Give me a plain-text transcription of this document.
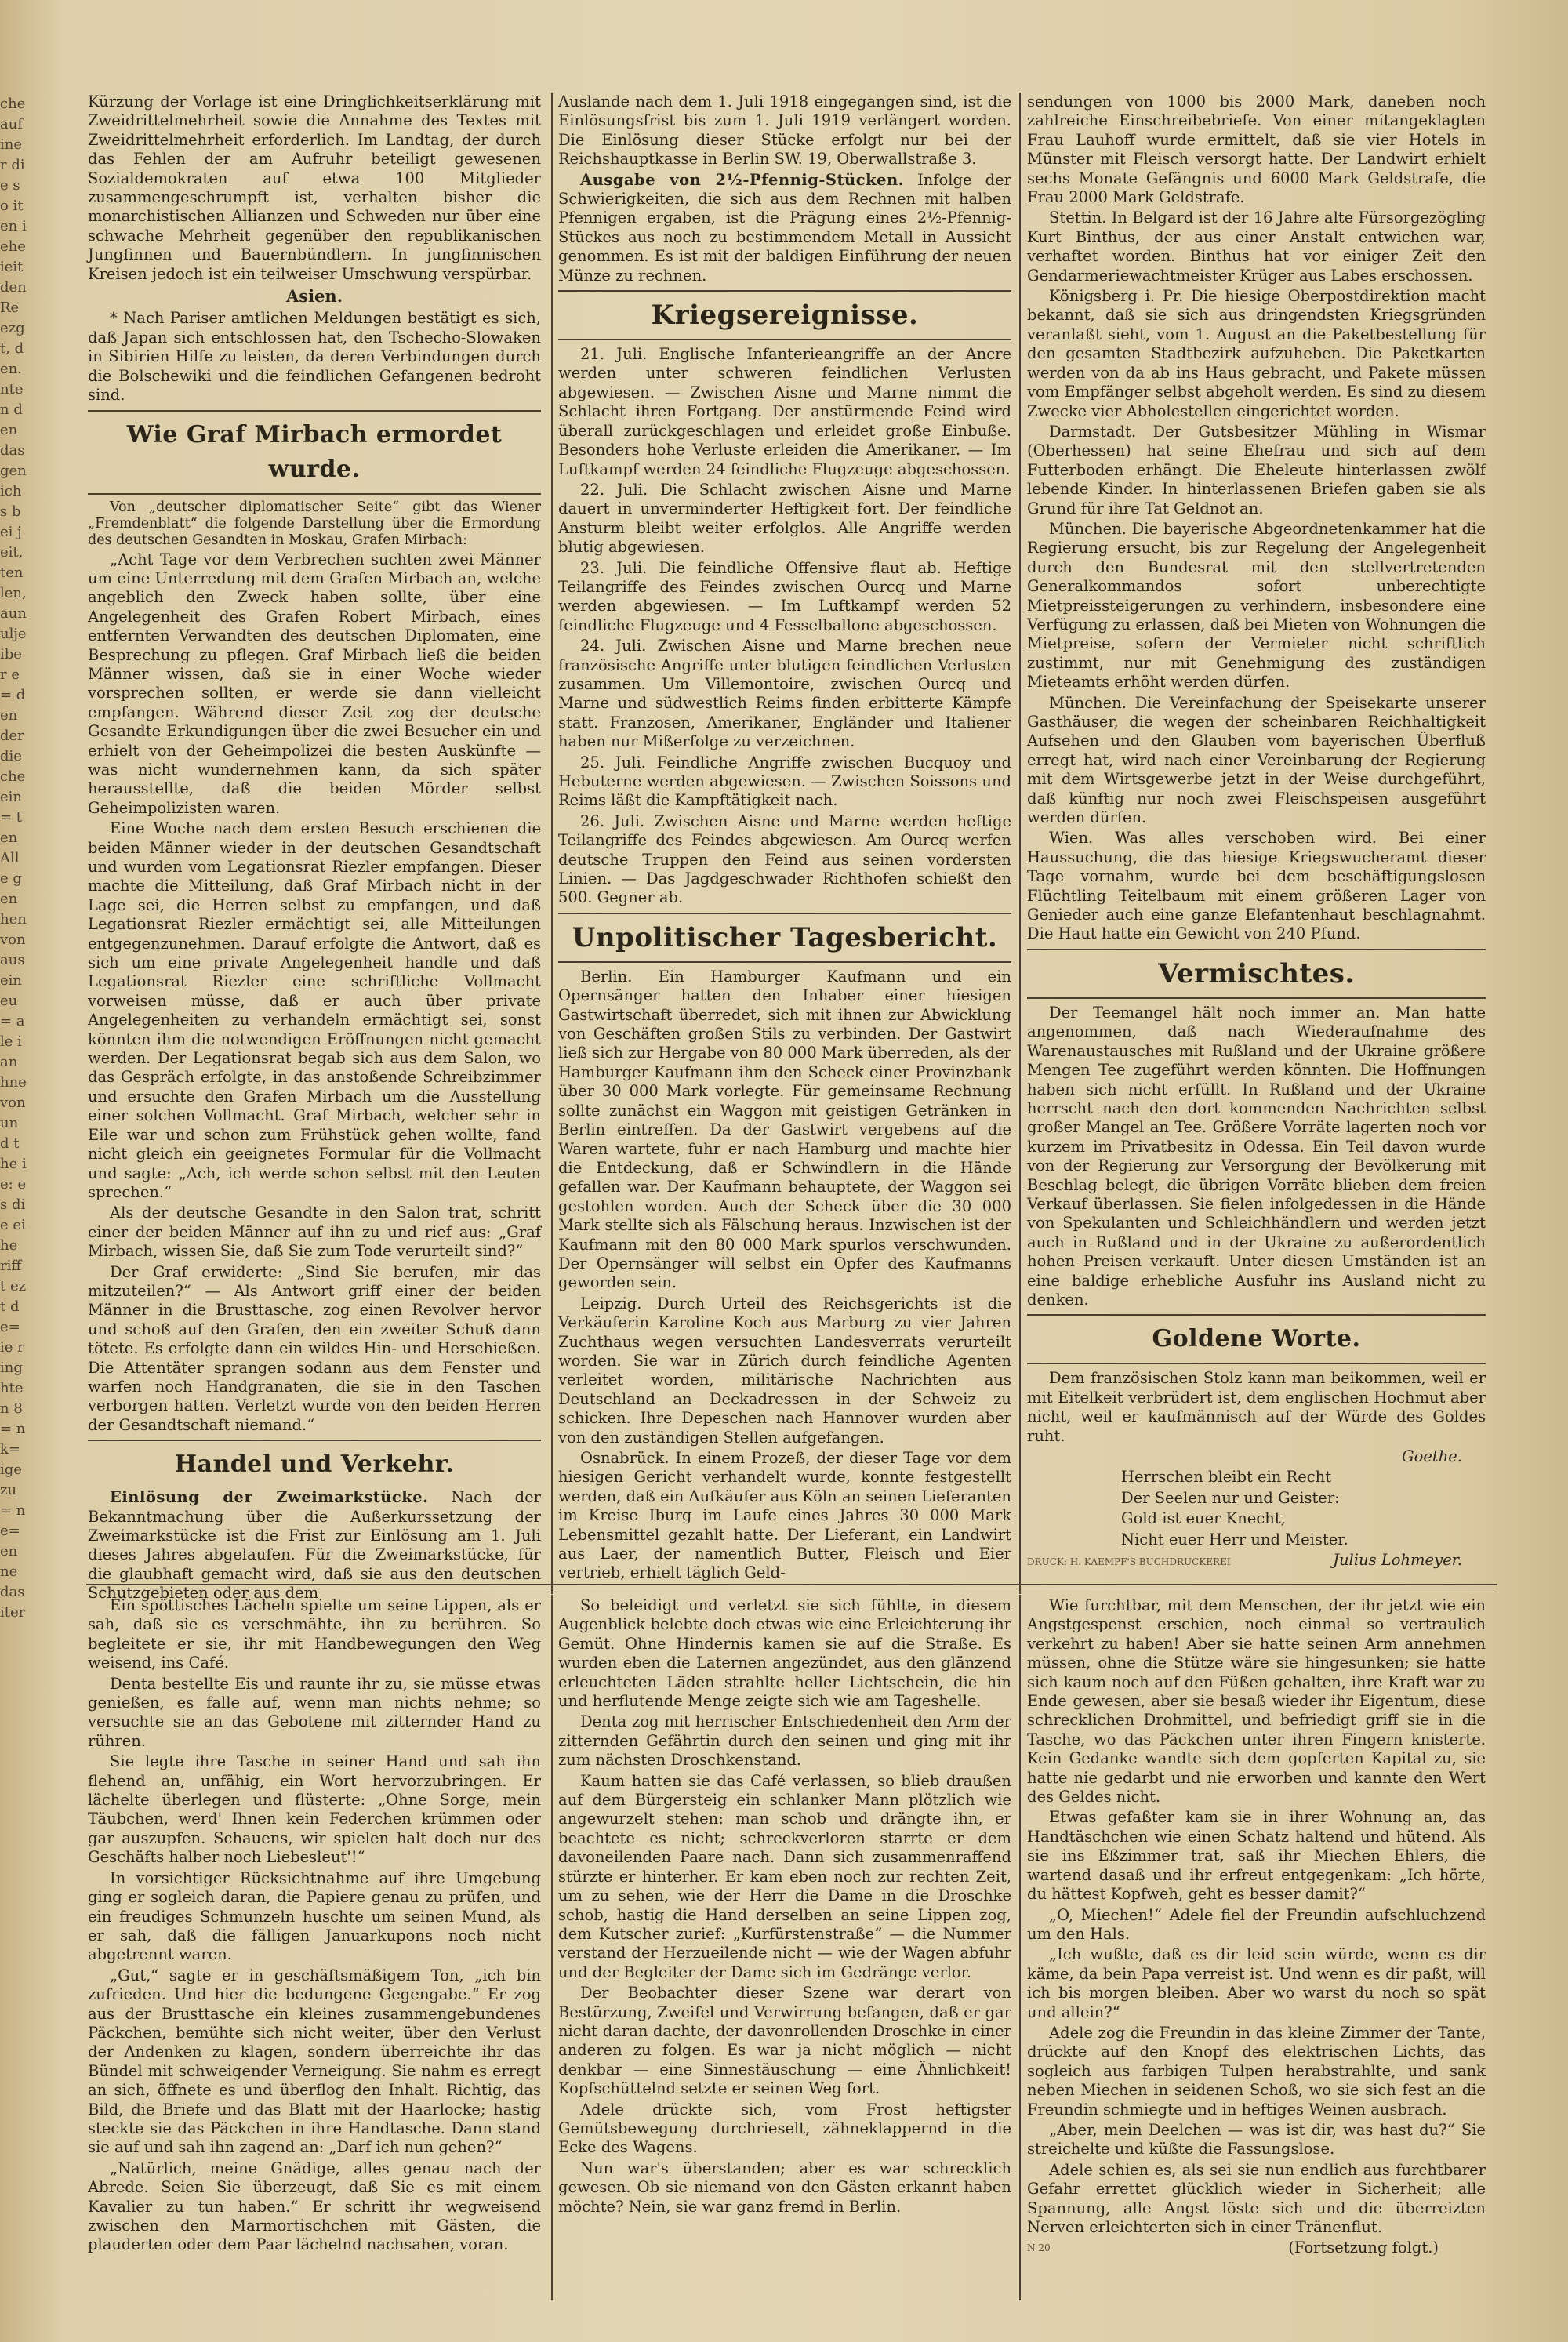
che auf iner die so iten iehe ieit den Re ezgt, den. nten den das gen ichs bei jeit, ten len, aun ulje iber e= den der die che ein= ten Alle gen hen von aus ein eu= ale ian hne von und the ie: e s die eihe rifft ezt de= ie ring hten 8 = nk= ige zu= ne= en ne das iter

Kürzung der Vorlage ist eine Dringlichkeitserklärung mit Zweidrittelmehrheit sowie die Annahme des Textes mit Zweidrittelmehrheit erforderlich. Im Landtag, der durch das Fehlen der am Aufruhr beteiligt gewesenen Sozialdemokraten auf etwa 100 Mitglieder zusammengeschrumpft ist, verhalten bisher die monarchistischen Allianzen und Schweden nur über eine schwache Mehrheit gegenüber den republikanischen Jungfinnen und Bauernbündlern. In jungfinnischen Kreisen jedoch ist ein teilweiser Umschwung verspürbar.

Asien.

* Nach Pariser amtlichen Meldungen bestätigt es sich, daß Japan sich entschlossen hat, den Tschecho-Slowaken in Sibirien Hilfe zu leisten, da deren Verbindungen durch die Bolschewiki und die feindlichen Gefangenen bedroht sind.

Wie Graf Mirbach ermordet wurde.

Von „deutscher diplomatischer Seite“ gibt das Wiener „Fremdenblatt“ die folgende Darstellung über die Ermordung des deutschen Gesandten in Moskau, Grafen Mirbach:

„Acht Tage vor dem Verbrechen suchten zwei Männer um eine Unterredung mit dem Grafen Mirbach an, welche angeblich den Zweck haben sollte, über eine Angelegenheit des Grafen Robert Mirbach, eines entfernten Verwandten des deutschen Diplomaten, eine Besprechung zu pflegen. Graf Mirbach ließ die beiden Männer wissen, daß sie in einer Woche wieder vorsprechen sollten, er werde sie dann vielleicht empfangen. Während dieser Zeit zog der deutsche Gesandte Erkundigungen über die zwei Besucher ein und erhielt von der Geheimpolizei die besten Auskünfte — was nicht wundernehmen kann, da sich später herausstellte, daß die beiden Mörder selbst Geheimpolizisten waren.

Eine Woche nach dem ersten Besuch erschienen die beiden Männer wieder in der deutschen Gesandtschaft und wurden vom Legationsrat Riezler empfangen. Dieser machte die Mitteilung, daß Graf Mirbach nicht in der Lage sei, die Herren selbst zu empfangen, und daß Legationsrat Riezler ermächtigt sei, alle Mitteilungen entgegenzunehmen. Darauf erfolgte die Antwort, daß es sich um eine private Angelegenheit handle und daß Legationsrat Riezler eine schriftliche Vollmacht vorweisen müsse, daß er auch über private Angelegenheiten zu verhandeln ermächtigt sei, sonst könnten ihm die notwendigen Eröffnungen nicht gemacht werden. Der Legationsrat begab sich aus dem Salon, wo das Gespräch erfolgte, in das anstoßende Schreibzimmer und ersuchte den Grafen Mirbach um die Ausstellung einer solchen Vollmacht. Graf Mirbach, welcher sehr in Eile war und schon zum Frühstück gehen wollte, fand nicht gleich ein geeignetes Formular für die Vollmacht und sagte: „Ach, ich werde schon selbst mit den Leuten sprechen.“

Als der deutsche Gesandte in den Salon trat, schritt einer der beiden Männer auf ihn zu und rief aus: „Graf Mirbach, wissen Sie, daß Sie zum Tode verurteilt sind?“

Der Graf erwiderte: „Sind Sie berufen, mir das mitzuteilen?“ — Als Antwort griff einer der beiden Männer in die Brusttasche, zog einen Revolver hervor und schoß auf den Grafen, den ein zweiter Schuß dann tötete. Es erfolgte dann ein wildes Hin- und Herschießen. Die Attentäter sprangen sodann aus dem Fenster und warfen noch Handgranaten, die sie in den Taschen verborgen hatten. Verletzt wurde von den beiden Herren der Gesandtschaft niemand.“

Handel und Verkehr.

Einlösung der Zweimarkstücke. Nach der Bekanntmachung über die Außerkurssetzung der Zweimarkstücke ist die Frist zur Einlösung am 1. Juli dieses Jahres abgelaufen. Für die Zweimarkstücke, für die glaubhaft gemacht wird, daß sie aus den deutschen Schutzgebieten oder aus dem

Auslande nach dem 1. Juli 1918 eingegangen sind, ist die Einlösungsfrist bis zum 1. Juli 1919 verlängert worden. Die Einlösung dieser Stücke erfolgt nur bei der Reichshauptkasse in Berlin SW. 19, Oberwallstraße 3.

Ausgabe von 2½-Pfennig-Stücken. Infolge der Schwierigkeiten, die sich aus dem Rechnen mit halben Pfennigen ergaben, ist die Prägung eines 2½-Pfennig-Stückes aus noch zu bestimmendem Metall in Aussicht genommen. Es ist mit der baldigen Einführung der neuen Münze zu rechnen.

Kriegsereignisse.

21. Juli. Englische Infanterieangriffe an der Ancre werden unter schweren feindlichen Verlusten abgewiesen. — Zwischen Aisne und Marne nimmt die Schlacht ihren Fortgang. Der anstürmende Feind wird überall zurückgeschlagen und erleidet große Einbuße. Besonders hohe Verluste erleiden die Amerikaner. — Im Luftkampf werden 24 feindliche Flugzeuge abgeschossen.

22. Juli. Die Schlacht zwischen Aisne und Marne dauert in unverminderter Heftigkeit fort. Der feindliche Ansturm bleibt weiter erfolglos. Alle Angriffe werden blutig abgewiesen.

23. Juli. Die feindliche Offensive flaut ab. Heftige Teilangriffe des Feindes zwischen Ourcq und Marne werden abgewiesen. — Im Luftkampf werden 52 feindliche Flugzeuge und 4 Fesselballone abgeschossen.

24. Juli. Zwischen Aisne und Marne brechen neue französische Angriffe unter blutigen feindlichen Verlusten zusammen. Um Villemontoire, zwischen Ourcq und Marne und südwestlich Reims finden erbitterte Kämpfe statt. Franzosen, Amerikaner, Engländer und Italiener haben nur Mißerfolge zu verzeichnen.

25. Juli. Feindliche Angriffe zwischen Bucquoy und Hebuterne werden abgewiesen. — Zwischen Soissons und Reims läßt die Kampftätigkeit nach.

26. Juli. Zwischen Aisne und Marne werden heftige Teilangriffe des Feindes abgewiesen. Am Ourcq werfen deutsche Truppen den Feind aus seinen vordersten Linien. — Das Jagdgeschwader Richthofen schießt den 500. Gegner ab.

Unpolitischer Tagesbericht.

Berlin. Ein Hamburger Kaufmann und ein Opernsänger hatten den Inhaber einer hiesigen Gastwirtschaft überredet, sich mit ihnen zur Abwicklung von Geschäften großen Stils zu verbinden. Der Gastwirt ließ sich zur Hergabe von 80 000 Mark überreden, als der Hamburger Kaufmann ihm den Scheck einer Provinzbank über 30 000 Mark vorlegte. Für gemeinsame Rechnung sollte zunächst ein Waggon mit geistigen Getränken in Berlin eintreffen. Da der Gastwirt vergebens auf die Waren wartete, fuhr er nach Hamburg und machte hier die Entdeckung, daß er Schwindlern in die Hände gefallen war. Der Kaufmann behauptete, der Waggon sei gestohlen worden. Auch der Scheck über die 30 000 Mark stellte sich als Fälschung heraus. Inzwischen ist der Kaufmann mit den 80 000 Mark spurlos verschwunden. Der Opernsänger will selbst ein Opfer des Kaufmanns geworden sein.

Leipzig. Durch Urteil des Reichsgerichts ist die Verkäuferin Karoline Koch aus Marburg zu vier Jahren Zuchthaus wegen versuchten Landesverrats verurteilt worden. Sie war in Zürich durch feindliche Agenten verleitet worden, militärische Nachrichten aus Deutschland an Deckadressen in der Schweiz zu schicken. Ihre Depeschen nach Hannover wurden aber von den zuständigen Stellen aufgefangen.

Osnabrück. In einem Prozeß, der dieser Tage vor dem hiesigen Gericht verhandelt wurde, konnte festgestellt werden, daß ein Aufkäufer aus Köln an seinen Lieferanten im Kreise Iburg im Laufe eines Jahres 30 000 Mark Lebensmittel gezahlt hatte. Der Lieferant, ein Landwirt aus Laer, der namentlich Butter, Fleisch und Eier vertrieb, erhielt täglich Geld-

sendungen von 1000 bis 2000 Mark, daneben noch zahlreiche Einschreibebriefe. Von einer mitangeklagten Frau Lauhoff wurde ermittelt, daß sie vier Hotels in Münster mit Fleisch versorgt hatte. Der Landwirt erhielt sechs Monate Gefängnis und 6000 Mark Geldstrafe, die Frau 2000 Mark Geldstrafe.

Stettin. In Belgard ist der 16 Jahre alte Fürsorgezögling Kurt Binthus, der aus einer Anstalt entwichen war, verhaftet worden. Binthus hat vor einiger Zeit den Gendarmeriewachtmeister Krüger aus Labes erschossen.

Königsberg i. Pr. Die hiesige Oberpostdirektion macht bekannt, daß sie sich aus dringendsten Kriegsgründen veranlaßt sieht, vom 1. August an die Paketbestellung für den gesamten Stadtbezirk aufzuheben. Die Paketkarten werden von da ab ins Haus gebracht, und Pakete müssen vom Empfänger selbst abgeholt werden. Es sind zu diesem Zwecke vier Abholestellen eingerichtet worden.

Darmstadt. Der Gutsbesitzer Mühling in Wismar (Oberhessen) hat seine Ehefrau und sich auf dem Futterboden erhängt. Die Eheleute hinterlassen zwölf lebende Kinder. In hinterlassenen Briefen gaben sie als Grund für ihre Tat Geldnot an.

München. Die bayerische Abgeordnetenkammer hat die Regierung ersucht, bis zur Regelung der Angelegenheit durch den Bundesrat mit den stellvertretenden Generalkommandos sofort unberechtigte Mietpreissteigerungen zu verhindern, insbesondere eine Verfügung zu erlassen, daß bei Mieten von Wohnungen die Mietpreise, sofern der Vermieter nicht schriftlich zustimmt, nur mit Genehmigung des zuständigen Mieteamts erhöht werden dürfen.

München. Die Vereinfachung der Speisekarte unserer Gasthäuser, die wegen der scheinbaren Reichhaltigkeit Aufsehen und den Glauben vom bayerischen Überfluß erregt hat, wird nach einer Vereinbarung der Regierung mit dem Wirtsgewerbe jetzt in der Weise durchgeführt, daß künftig nur noch zwei Fleischspeisen ausgeführt werden dürfen.

Wien. Was alles verschoben wird. Bei einer Haussuchung, die das hiesige Kriegswucheramt dieser Tage vornahm, wurde bei dem beschäftigungslosen Flüchtling Teitelbaum mit einem größeren Lager von Genieder auch eine ganze Elefantenhaut beschlagnahmt. Die Haut hatte ein Gewicht von 240 Pfund.

Vermischtes.

Der Teemangel hält noch immer an. Man hatte angenommen, daß nach Wiederaufnahme des Warenaustausches mit Rußland und der Ukraine größere Mengen Tee zugeführt werden könnten. Die Hoffnungen haben sich nicht erfüllt. In Rußland und der Ukraine herrscht nach den dort kommenden Nachrichten selbst großer Mangel an Tee. Größere Vorräte lagerten noch vor kurzem im Privatbesitz in Odessa. Ein Teil davon wurde von der Regierung zur Versorgung der Bevölkerung mit Beschlag belegt, die übrigen Vorräte blieben dem freien Verkauf überlassen. Sie fielen infolgedessen in die Hände von Spekulanten und Schleichhändlern und werden jetzt auch in Rußland und in der Ukraine zu außerordentlich hohen Preisen verkauft. Unter diesen Umständen ist an eine baldige erhebliche Ausfuhr ins Ausland nicht zu denken.

Goldene Worte.

Dem französischen Stolz kann man beikommen, weil er mit Eitelkeit verbrüdert ist, dem englischen Hochmut aber nicht, weil er kaufmännisch auf der Würde des Goldes ruht.

Goethe.

Herrschen bleibt ein Recht

Der Seelen nur und Geister:

Gold ist euer Knecht,

Nicht euer Herr und Meister.

DRUCK: H. KAEMPF'S BUCHDRUCKEREI	Julius Lohmeyer.

Ein spöttisches Lächeln spielte um seine Lippen, als er sah, daß sie es verschmähte, ihn zu berühren. So begleitete er sie, ihr mit Handbewegungen den Weg weisend, ins Café.

Denta bestellte Eis und raunte ihr zu, sie müsse etwas genießen, es falle auf, wenn man nichts nehme; so versuchte sie an das Gebotene mit zitternder Hand zu rühren.

Sie legte ihre Tasche in seiner Hand und sah ihn flehend an, unfähig, ein Wort hervorzubringen. Er lächelte überlegen und flüsterte: „Ohne Sorge, mein Täubchen, werd' Ihnen kein Federchen krümmen oder gar auszupfen. Schauens, wir spielen halt doch nur des Geschäfts halber noch Liebesleut'!“

In vorsichtiger Rücksichtnahme auf ihre Umgebung ging er sogleich daran, die Papiere genau zu prüfen, und ein freudiges Schmunzeln huschte um seinen Mund, als er sah, daß die fälligen Januarkupons noch nicht abgetrennt waren.

„Gut,“ sagte er in geschäftsmäßigem Ton, „ich bin zufrieden. Und hier die bedungene Gegengabe.“ Er zog aus der Brusttasche ein kleines zusammengebundenes Päckchen, bemühte sich nicht weiter, über den Verlust der Andenken zu klagen, sondern überreichte ihr das Bündel mit schweigender Verneigung. Sie nahm es erregt an sich, öffnete es und überflog den Inhalt. Richtig, das Bild, die Briefe und das Blatt mit der Haarlocke; hastig steckte sie das Päckchen in ihre Handtasche. Dann stand sie auf und sah ihn zagend an: „Darf ich nun gehen?“

„Natürlich, meine Gnädige, alles genau nach der Abrede. Seien Sie überzeugt, daß Sie es mit einem Kavalier zu tun haben.“ Er schritt ihr wegweisend zwischen den Marmortischchen mit Gästen, die plauderten oder dem Paar lächelnd nachsahen, voran.

So beleidigt und verletzt sie sich fühlte, in diesem Augenblick belebte doch etwas wie eine Erleichterung ihr Gemüt. Ohne Hindernis kamen sie auf die Straße. Es wurden eben die Laternen angezündet, aus den glänzend erleuchteten Läden strahlte heller Lichtschein, die hin und herflutende Menge zeigte sich wie am Tageshelle.

Denta zog mit herrischer Entschiedenheit den Arm der zitternden Gefährtin durch den seinen und ging mit ihr zum nächsten Droschkenstand.

Kaum hatten sie das Café verlassen, so blieb draußen auf dem Bürgersteig ein schlanker Mann plötzlich wie angewurzelt stehen: man schob und drängte ihn, er beachtete es nicht; schreckverloren starrte er dem davoneilenden Paare nach. Dann sich zusammenraffend stürzte er hinterher. Er kam eben noch zur rechten Zeit, um zu sehen, wie der Herr die Dame in die Droschke schob, hastig die Hand derselben an seine Lippen zog, dem Kutscher zurief: „Kurfürstenstraße“ — die Nummer verstand der Herzueilende nicht — wie der Wagen abfuhr und der Begleiter der Dame sich im Gedränge verlor.

Der Beobachter dieser Szene war derart von Bestürzung, Zweifel und Verwirrung befangen, daß er gar nicht daran dachte, der davonrollenden Droschke in einer anderen zu folgen. Es war ja nicht möglich — nicht denkbar — eine Sinnestäuschung — eine Ähnlichkeit! Kopfschüttelnd setzte er seinen Weg fort.

Adele drückte sich, vom Frost heftigster Gemütsbewegung durchrieselt, zähneklappernd in die Ecke des Wagens.

Nun war's überstanden; aber es war schrecklich gewesen. Ob sie niemand von den Gästen erkannt haben möchte? Nein, sie war ganz fremd in Berlin.

Wie furchtbar, mit dem Menschen, der ihr jetzt wie ein Angstgespenst erschien, noch einmal so vertraulich verkehrt zu haben! Aber sie hatte seinen Arm annehmen müssen, ohne die Stütze wäre sie hingesunken; sie hatte sich kaum noch auf den Füßen gehalten, ihre Kraft war zu Ende gewesen, aber sie besaß wieder ihr Eigentum, diese schrecklichen Drohmittel, und befriedigt griff sie in die Tasche, wo das Päckchen unter ihren Fingern knisterte. Kein Gedanke wandte sich dem gopferten Kapital zu, sie hatte nie gedarbt und nie erworben und kannte den Wert des Geldes nicht.

Etwas gefaßter kam sie in ihrer Wohnung an, das Handtäschchen wie einen Schatz haltend und hütend. Als sie ins Eßzimmer trat, saß ihr Miechen Ehlers, die wartend dasaß und ihr erfreut entgegenkam: „Ich hörte, du hättest Kopfweh, geht es besser damit?“

„O, Miechen!“ Adele fiel der Freundin aufschluchzend um den Hals.

„Ich wußte, daß es dir leid sein würde, wenn es dir käme, da bein Papa verreist ist. Und wenn es dir paßt, will ich bis morgen bleiben. Aber wo warst du noch so spät und allein?“

Adele zog die Freundin in das kleine Zimmer der Tante, drückte auf den Knopf des elektrischen Lichts, das sogleich aus farbigen Tulpen herabstrahlte, und sank neben Miechen in seidenen Schoß, wo sie sich fest an die Freundin schmiegte und in heftiges Weinen ausbrach.

„Aber, mein Deelchen — was ist dir, was hast du?“ Sie streichelte und küßte die Fassungslose.

Adele schien es, als sei sie nun endlich aus furchtbarer Gefahr errettet glücklich wieder in Sicherheit; alle Spannung, alle Angst löste sich und die überreizten Nerven erleichterten sich in einer Tränenflut.

N 20	(Fortsetzung folgt.)
